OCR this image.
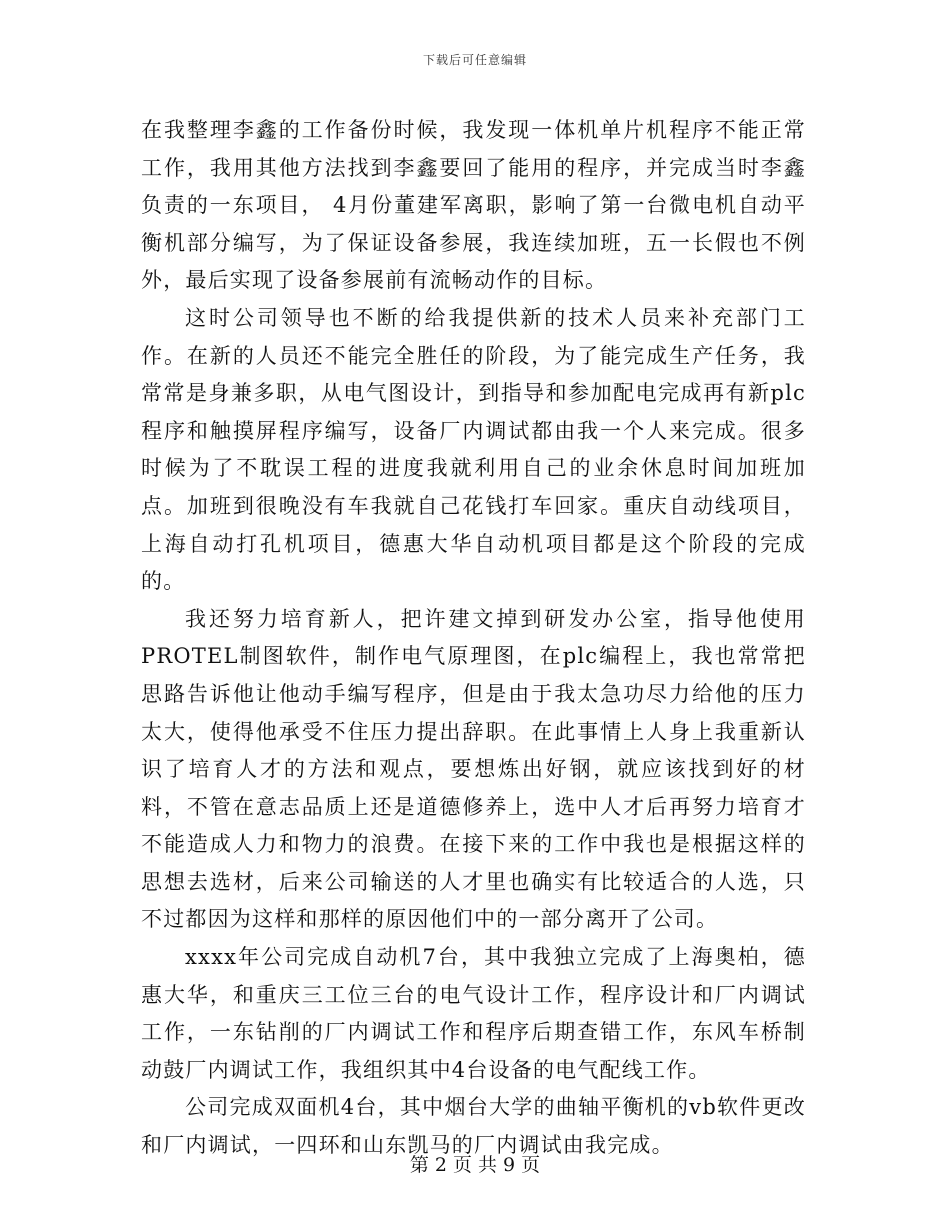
下载后可任意编辑

在我整理李鑫的工作备份时候，我发现一体机单片机程序不能正常工作，我用其他方法找到李鑫要回了能用的程序，并完成当时李鑫负责的一东项目， 4月份董建军离职，影响了第一台微电机自动平衡机部分编写，为了保证设备参展，我连续加班，五一长假也不例外，最后实现了设备参展前有流畅动作的目标。

这时公司领导也不断的给我提供新的技术人员来补充部门工作。在新的人员还不能完全胜任的阶段，为了能完成生产任务，我常常是身兼多职，从电气图设计，到指导和参加配电完成再有新plc程序和触摸屏程序编写，设备厂内调试都由我一个人来完成。很多时候为了不耽误工程的进度我就利用自己的业余休息时间加班加点。加班到很晚没有车我就自己花钱打车回家。重庆自动线项目，上海自动打孔机项目，德惠大华自动机项目都是这个阶段的完成的。

我还努力培育新人，把许建文掉到研发办公室，指导他使用PROTEL制图软件，制作电气原理图，在plc编程上，我也常常把思路告诉他让他动手编写程序，但是由于我太急功尽力给他的压力太大，使得他承受不住压力提出辞职。在此事情上人身上我重新认识了培育人才的方法和观点，要想炼出好钢，就应该找到好的材料，不管在意志品质上还是道德修养上，选中人才后再努力培育才不能造成人力和物力的浪费。在接下来的工作中我也是根据这样的思想去选材，后来公司输送的人才里也确实有比较适合的人选，只不过都因为这样和那样的原因他们中的一部分离开了公司。

xxxx年公司完成自动机7台，其中我独立完成了上海奥柏，德惠大华，和重庆三工位三台的电气设计工作，程序设计和厂内调试工作，一东钻削的厂内调试工作和程序后期查错工作，东风车桥制动鼓厂内调试工作，我组织其中4台设备的电气配线工作。

公司完成双面机4台，其中烟台大学的曲轴平衡机的vb软件更改和厂内调试，一四环和山东凯马的厂内调试由我完成。

第 2 页 共 9 页
